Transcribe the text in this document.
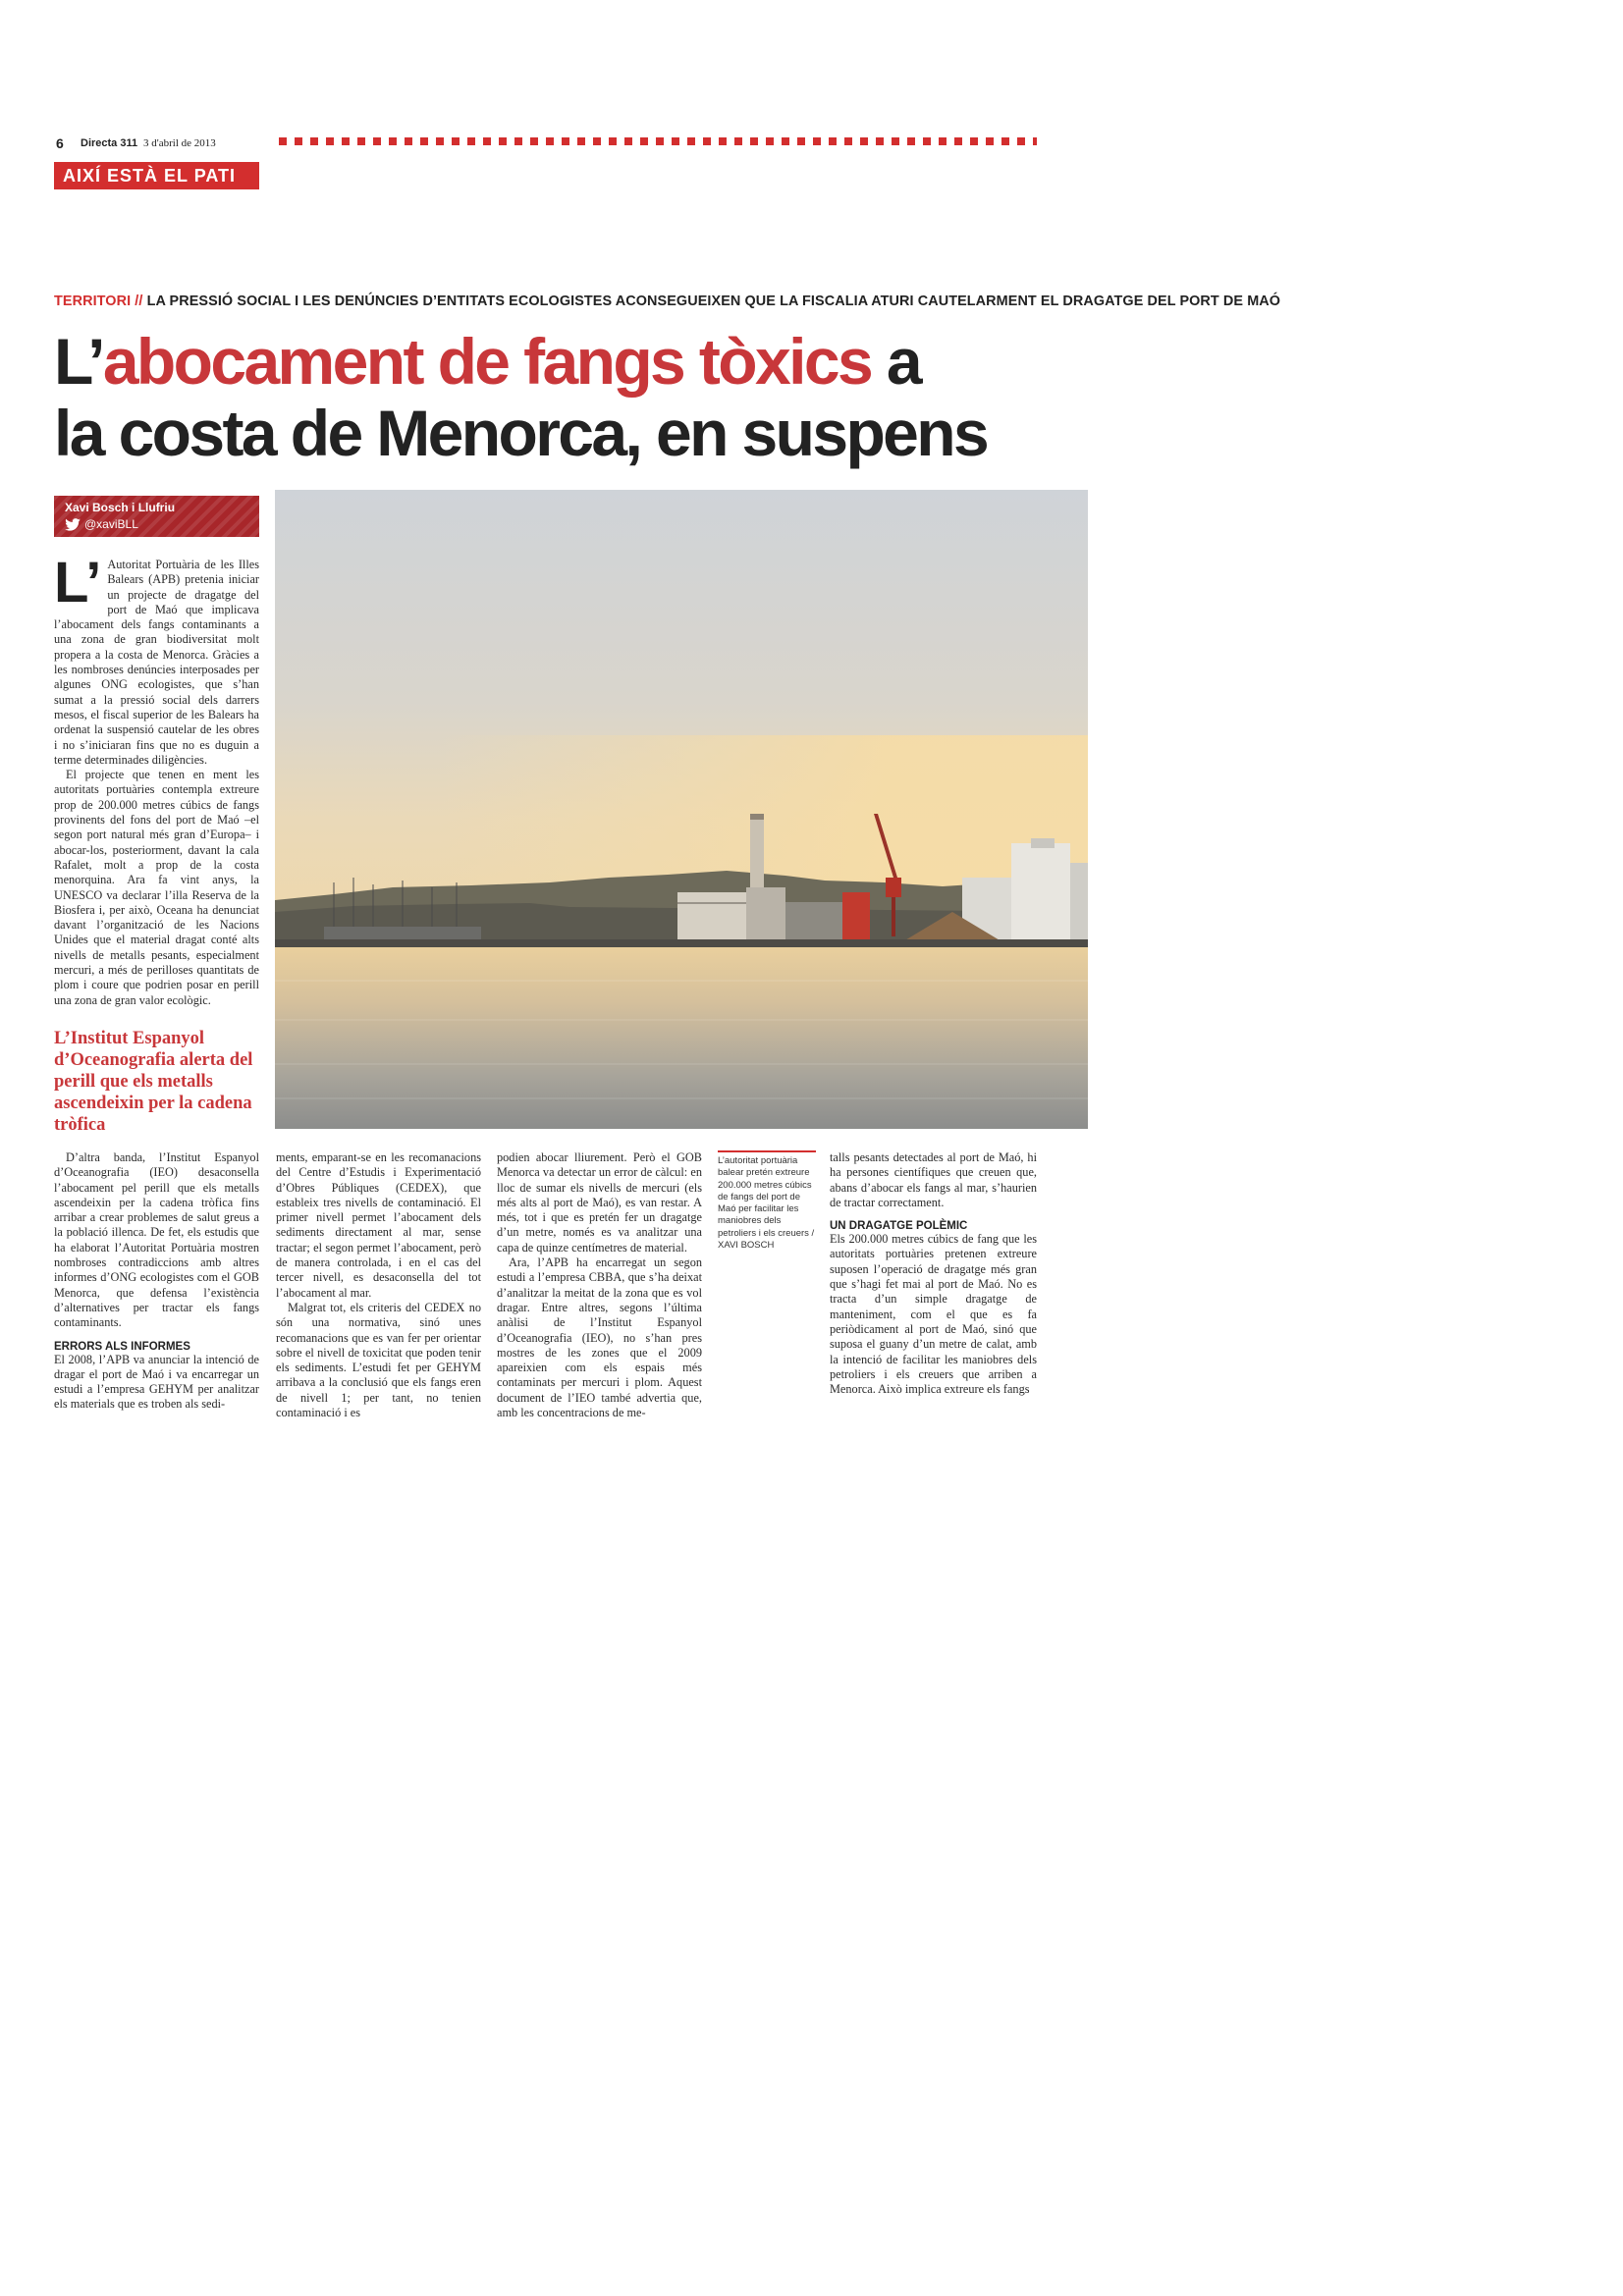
6 Directa 311 3 d'abril de 2013
AIXÍ ESTÀ EL PATI
TERRITORI // LA PRESSIÓ SOCIAL I LES DENÚNCIES D’ENTITATS ECOLOGISTES ACONSEGUEIXEN QUE LA FISCALIA ATURI CAUTELARMENT EL DRAGATGE DEL PORT DE MAÓ
L’abocament de fangs tòxics a
la costa de Menorca, en suspens
Xavi Bosch i Llufriu
@xaviBLL
L’ Autoritat Portuària de les Illes Balears (APB) pretenia iniciar un projecte de dragatge del port de Maó que implicava l’abocament dels fangs contaminants a una zona de gran biodiversitat molt propera a la costa de Menorca. Gràcies a les nombroses denúncies interposades per algunes ONG ecologistes, que s’han sumat a la pressió social dels darrers mesos, el fiscal superior de les Balears ha ordenat la suspensió cautelar de les obres i no s’iniciaran fins que no es duguin a terme determinades diligències.

El projecte que tenen en ment les autoritats portuàries contempla extreure prop de 200.000 metres cúbics de fangs provinents del fons del port de Maó –el segon port natural més gran d’Europa– i abocar-los, posteriorment, davant la cala Rafalet, molt a prop de la costa menorquina. Ara fa vint anys, la UNESCO va declarar l’illa Reserva de la Biosfera i, per això, Oceana ha denunciat davant l’organització de les Nacions Unides que el material dragat conté alts nivells de metalls pesants, especialment mercuri, a més de perilloses quantitats de plom i coure que podrien posar en perill una zona de gran valor ecològic.

L’Institut Espanyol d’Oceanografia alerta del perill que els metalls ascendeixin per la cadena tròfica

D’altra banda, l’Institut Espanyol d’Oceanografia (IEO) desaconsella l’abocament pel perill que els metalls ascendeixin per la cadena tròfica fins arribar a crear problemes de salut greus a la població illenca. De fet, els estudis que ha elaborat l’Autoritat Portuària mostren nombroses contradiccions amb altres informes d’ONG ecologistes com el GOB Menorca, que defensa l’existència d’alternatives per tractar els fangs contaminants.

ERRORS ALS INFORMES

El 2008, l’APB va anunciar la intenció de dragar el port de Maó i va encarregar un estudi a l’empresa GEHYM per analitzar els materials que es troben als sedi-

ments, emparant-se en les recomanacions del Centre d’Estudis i Experimentació d’Obres Públiques (CEDEX), que estableix tres nivells de contaminació. El primer nivell permet l’abocament dels sediments directament al mar, sense tractar; el segon permet l’abocament, però de manera controlada, i en el cas del tercer nivell, es desaconsella del tot l’abocament al mar.

Malgrat tot, els criteris del CEDEX no són una normativa, sinó unes recomanacions que es van fer per orientar sobre el nivell de toxicitat que poden tenir els sediments. L’estudi fet per GEHYM arribava a la conclusió que els fangs eren de nivell 1; per tant, no tenien contaminació i es

podien abocar lliurement. Però el GOB Menorca va detectar un error de càlcul: en lloc de sumar els nivells de mercuri (els més alts al port de Maó), es van restar. A més, tot i que es pretén fer un dragatge d’un metre, només es va analitzar una capa de quinze centímetres de material.

Ara, l’APB ha encarregat un segon estudi a l’empresa CBBA, que s’ha deixat d’analitzar la meitat de la zona que es vol dragar. Entre altres, segons l’última anàlisi de l’Institut Espanyol d’Oceanografia (IEO), no s’han pres mostres de les zones que el 2009 apareixien com els espais més contaminats per mercuri i plom. Aquest document de l’IEO també advertia que, amb les concentracions de me-

L’autoritat portuària balear pretén extreure 200.000 metres cúbics de fangs del port de Maó per facilitar les maniobres dels petroliers i els creuers / XAVI BOSCH

talls pesants detectades al port de Maó, hi ha persones científiques que creuen que, abans d’abocar els fangs al mar, s’haurien de tractar correctament.

UN DRAGATGE POLÈMIC

Els 200.000 metres cúbics de fang que les autoritats portuàries pretenen extreure suposen l’operació de dragatge més gran que s’hagi fet mai al port de Maó. No es tracta d’un simple dragatge de manteniment, com el que es fa periòdicament al port de Maó, sinó que suposa el guany d’un metre de calat, amb la intenció de facilitar les maniobres dels petroliers i els creuers que arriben a Menorca. Això implica extreure els fangs
